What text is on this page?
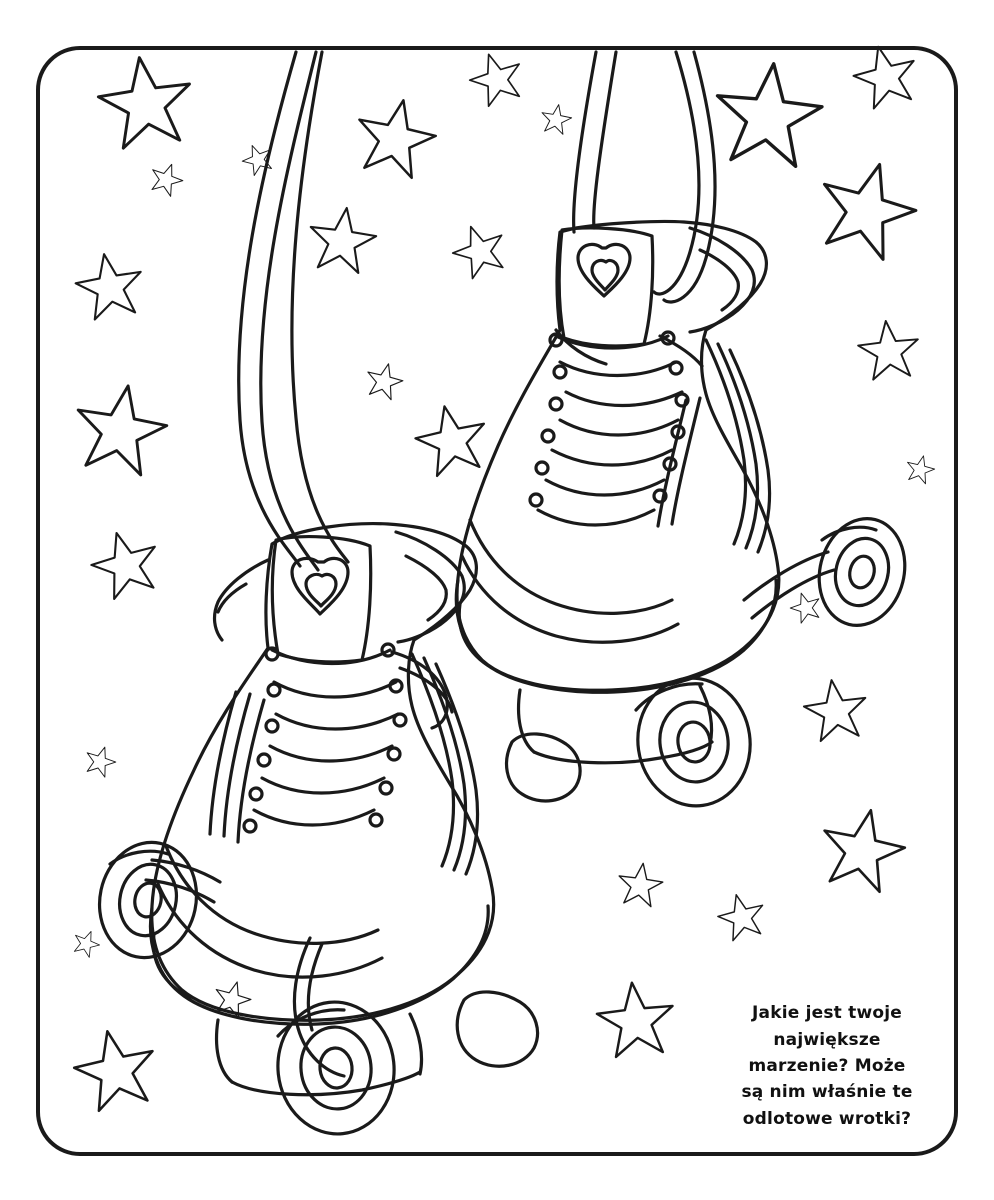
Jakie jest twoje
największe
marzenie? Może
są nim właśnie te
odlotowe wrotki?
